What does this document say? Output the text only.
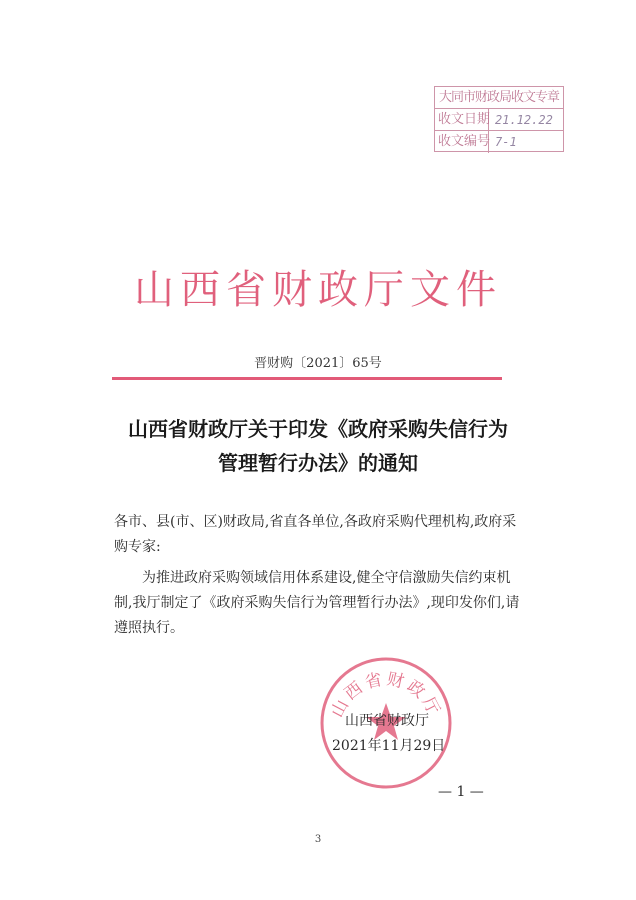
大同市财政局收文专章
收文日期 21.12.22
收文编号 7-1
山西省财政厅文件
晋财购〔2021〕65号
山西省财政厅关于印发《政府采购失信行为
管理暂行办法》的通知
各市、县(市、区)财政局,省直各单位,各政府采购代理机构,政府采购专家:
为推进政府采购领域信用体系建设,健全守信激励失信约束机制,我厅制定了《政府采购失信行为管理暂行办法》,现印发你们,请遵照执行。
山西省财政厅
山西省财政厅
2021年11月29日
— 1 —
3
